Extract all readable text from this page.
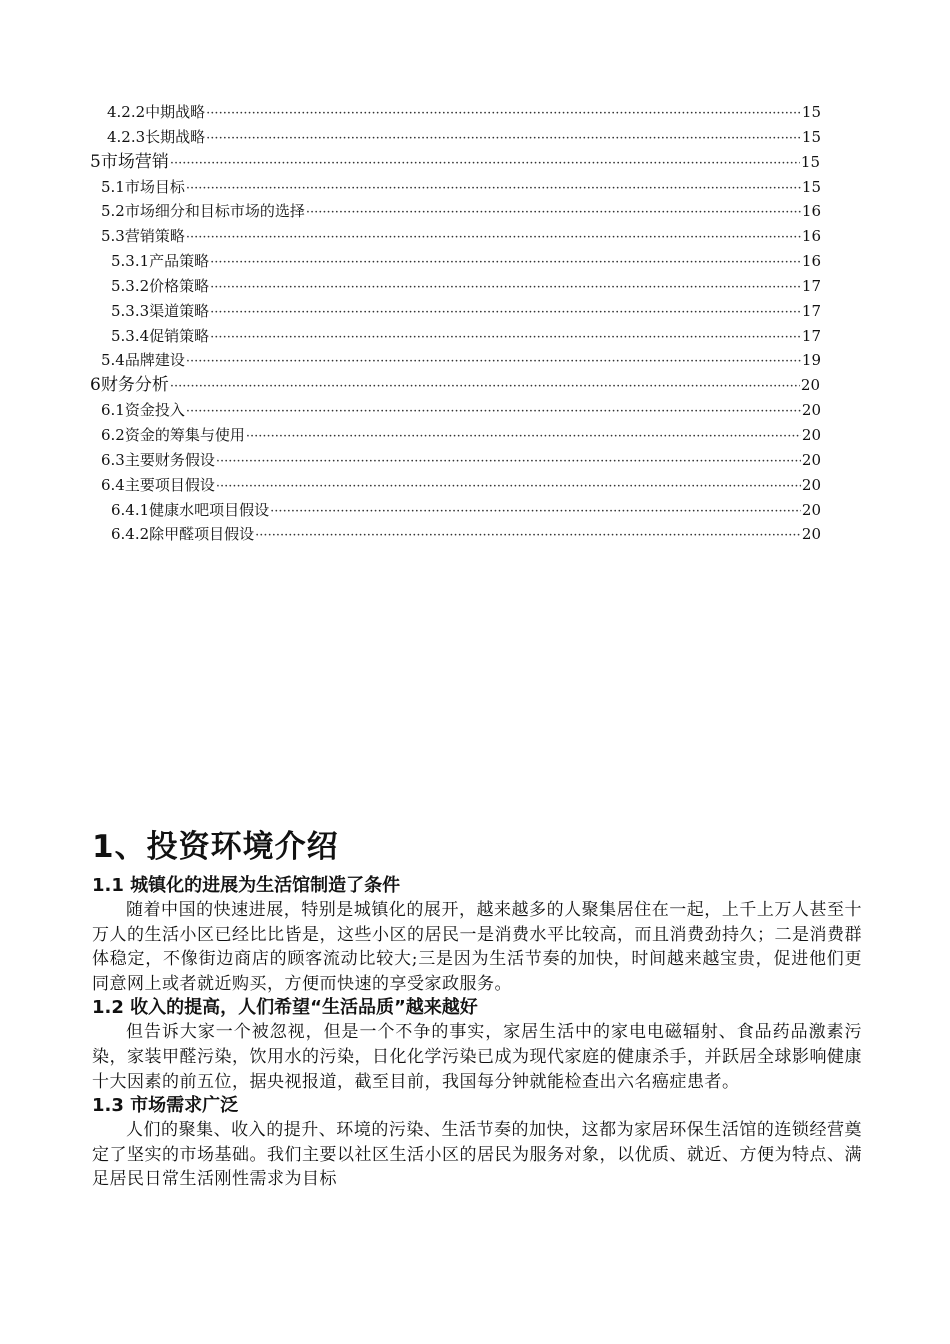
4.2.2中期战略 ·····	15
4.2.3长期战略 ·····	15
5市场营销 ·····	15
5.1市场目标 ·····	15
5.2市场细分和目标市场的选择 ·····	16
5.3营销策略 ·····	16
5.3.1产品策略 ·····	16
5.3.2价格策略 ·····	17
5.3.3渠道策略 ·····	17
5.3.4促销策略 ·····	17
5.4品牌建设 ·····	19
6财务分析 ·····	20
6.1资金投入 ·····	20
6.2资金的筹集与使用 ·····	20
6.3主要财务假设 ·····	20
6.4主要项目假设 ·····	20
6.4.1健康水吧项目假设 ·····	20
6.4.2除甲醛项目假设 ·····	20
1、投资环境介绍
1.1 城镇化的进展为生活馆制造了条件

随着中国的快速进展，特别是城镇化的展开，越来越多的人聚集居住在一起，上千上万人甚至十万人的生活小区已经比比皆是，这些小区的居民一是消费水平比较高，而且消费劲持久；二是消费群体稳定，不像街边商店的顾客流动比较大;三是因为生活节奏的加快，时间越来越宝贵，促进他们更同意网上或者就近购买，方便而快速的享受家政服务。

1.2 收入的提高，人们希望“生活品质”越来越好

但告诉大家一个被忽视，但是一个不争的事实，家居生活中的家电电磁辐射、食品药品激素污染，家装甲醛污染，饮用水的污染，日化化学污染已成为现代家庭的健康杀手，并跃居全球影响健康十大因素的前五位，据央视报道，截至目前，我国每分钟就能检查出六名癌症患者。

1.3 市场需求广泛

人们的聚集、收入的提升、环境的污染、生活节奏的加快，这都为家居环保生活馆的连锁经营奠定了坚实的市场基础。我们主要以社区生活小区的居民为服务对象，以优质、就近、方便为特点、满足居民日常生活刚性需求为目标
